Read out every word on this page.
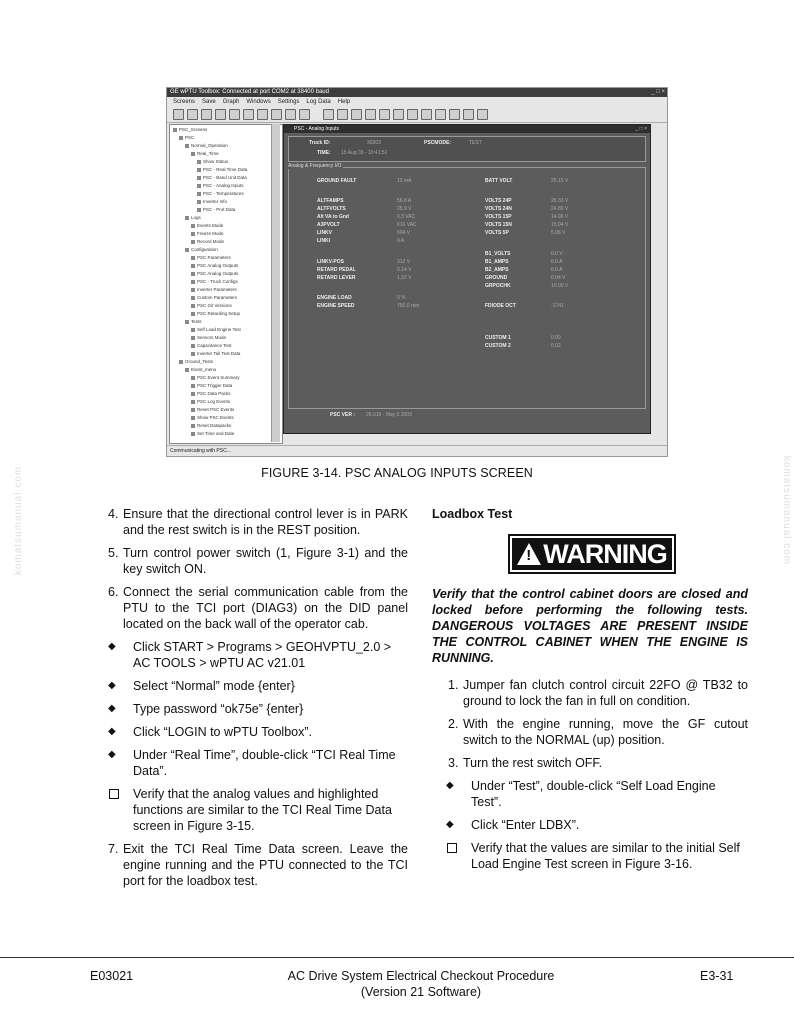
komatsumanual.com	komatsumanual.com
GE wPTU Toolbox: Connected at port COM2 at 38400 baud	_ □ ×
Screens Save Graph Windows Settings Log Data Help
PSC_Screens
PSC
Normal_Operation
Real_Time
Show Status
PSC - Real Time Data
PSC - Band Unit Data
PSC - Analog Inputs
PSC - Temperatures
Inverter Info
PSC - Prot Data
Logs
Events Mode
Freeze Mode
Record Mode
Configuration
PSC Parameters
PSC Analog Outputs
PSC Analog Outputs
PSC - Truck Configs
Inverter Parameters
Custom Parameters
PSC Git Versions
PSC Retarding Setup
Tests
Self Load Engine Test
Sensors Mode
Capacitance Test
Inverter Tail Test Data
Ground_Tests
Event_menu
PSC Event Summary
PSC Trigger Data
PSC Data Packs
PSC Log Events
Reset PSC Events
Show PSC Events
Reset Datapacks
Set Time and Date
PSC - Analog Inputs	_ □ ×
Truck ID:	30303	PSCMODE:	TEST
TIME: 15 Aug 03 - 10:41:51
Analog & Frequency I/O
GROUND FAULT	12 mA
ALTFAMPS	56.8 A
ALTFVOLTS	25.9 V
Alt VA to Gnd	0.3 VAC
A3PVOLT	616 VAC
LINKV	604 V
LINKI	0 A
LINKV-POS	312 V
RETARD PEDAL	0.14 V
RETARD LEVER	1.32 V
ENGINE LOAD	0 %
ENGINE SPEED	750.0 rpm
BATT VOLT	25.15 V
VOLTS 24P	25.33 V
VOLTS 24N	24.89 V
VOLTS 15P	14.96 V
VOLTS 15N	15.04 V
VOLTS 5P	5.06 V
B1_VOLTS	0.0 V
B1_AMPS	0.0 A
B2_AMPS	0.0 A
GROUND	0.04 V
GRPOCHK	10.00 V
FDIODE OCT	-1741
CUSTOM 1	0.00
CUSTOM 2	0.02
PSC VER : 26.015 - May 5 2003
Communicating with PSC...
FIGURE 3-14. PSC ANALOG INPUTS SCREEN
4. Ensure that the directional control lever is in PARK and the rest switch is in the REST position.
5. Turn control power switch (1, Figure 3-1) and the key switch ON.
6. Connect the serial communication cable from the PTU to the TCI port (DIAG3) on the DID panel located on the back wall of the operator cab.
◆ Click START > Programs > GEOHVPTU_2.0 > AC TOOLS > wPTU AC v21.01
◆ Select “Normal” mode {enter}
◆ Type password “ok75e” {enter}
◆ Click “LOGIN to wPTU Toolbox”.
◆ Under “Real Time”, double-click “TCI Real Time Data”.
Verify that the analog values and highlighted functions are similar to the TCI Real Time Data screen in Figure 3-15.
7. Exit the TCI Real Time Data screen. Leave the engine running and the PTU connected to the TCI port for the loadbox test.
Loadbox Test
!
WARNING
Verify that the control cabinet doors are closed and locked before performing the following tests. DANGEROUS VOLTAGES ARE PRESENT INSIDE THE CONTROL CABINET WHEN THE ENGINE IS RUNNING.
1. Jumper fan clutch control circuit 22FO @ TB32 to ground to lock the fan in full on condition.
2. With the engine running, move the GF cutout switch to the NORMAL (up) position.
3. Turn the rest switch OFF.
◆ Under “Test”, double-click “Self Load Engine Test”.
◆ Click “Enter LDBX”.
Verify that the values are similar to the initial Self Load Engine Test screen in Figure 3-16.
E03021	AC Drive System Electrical Checkout Procedure
(Version 21 Software)
E3-31
